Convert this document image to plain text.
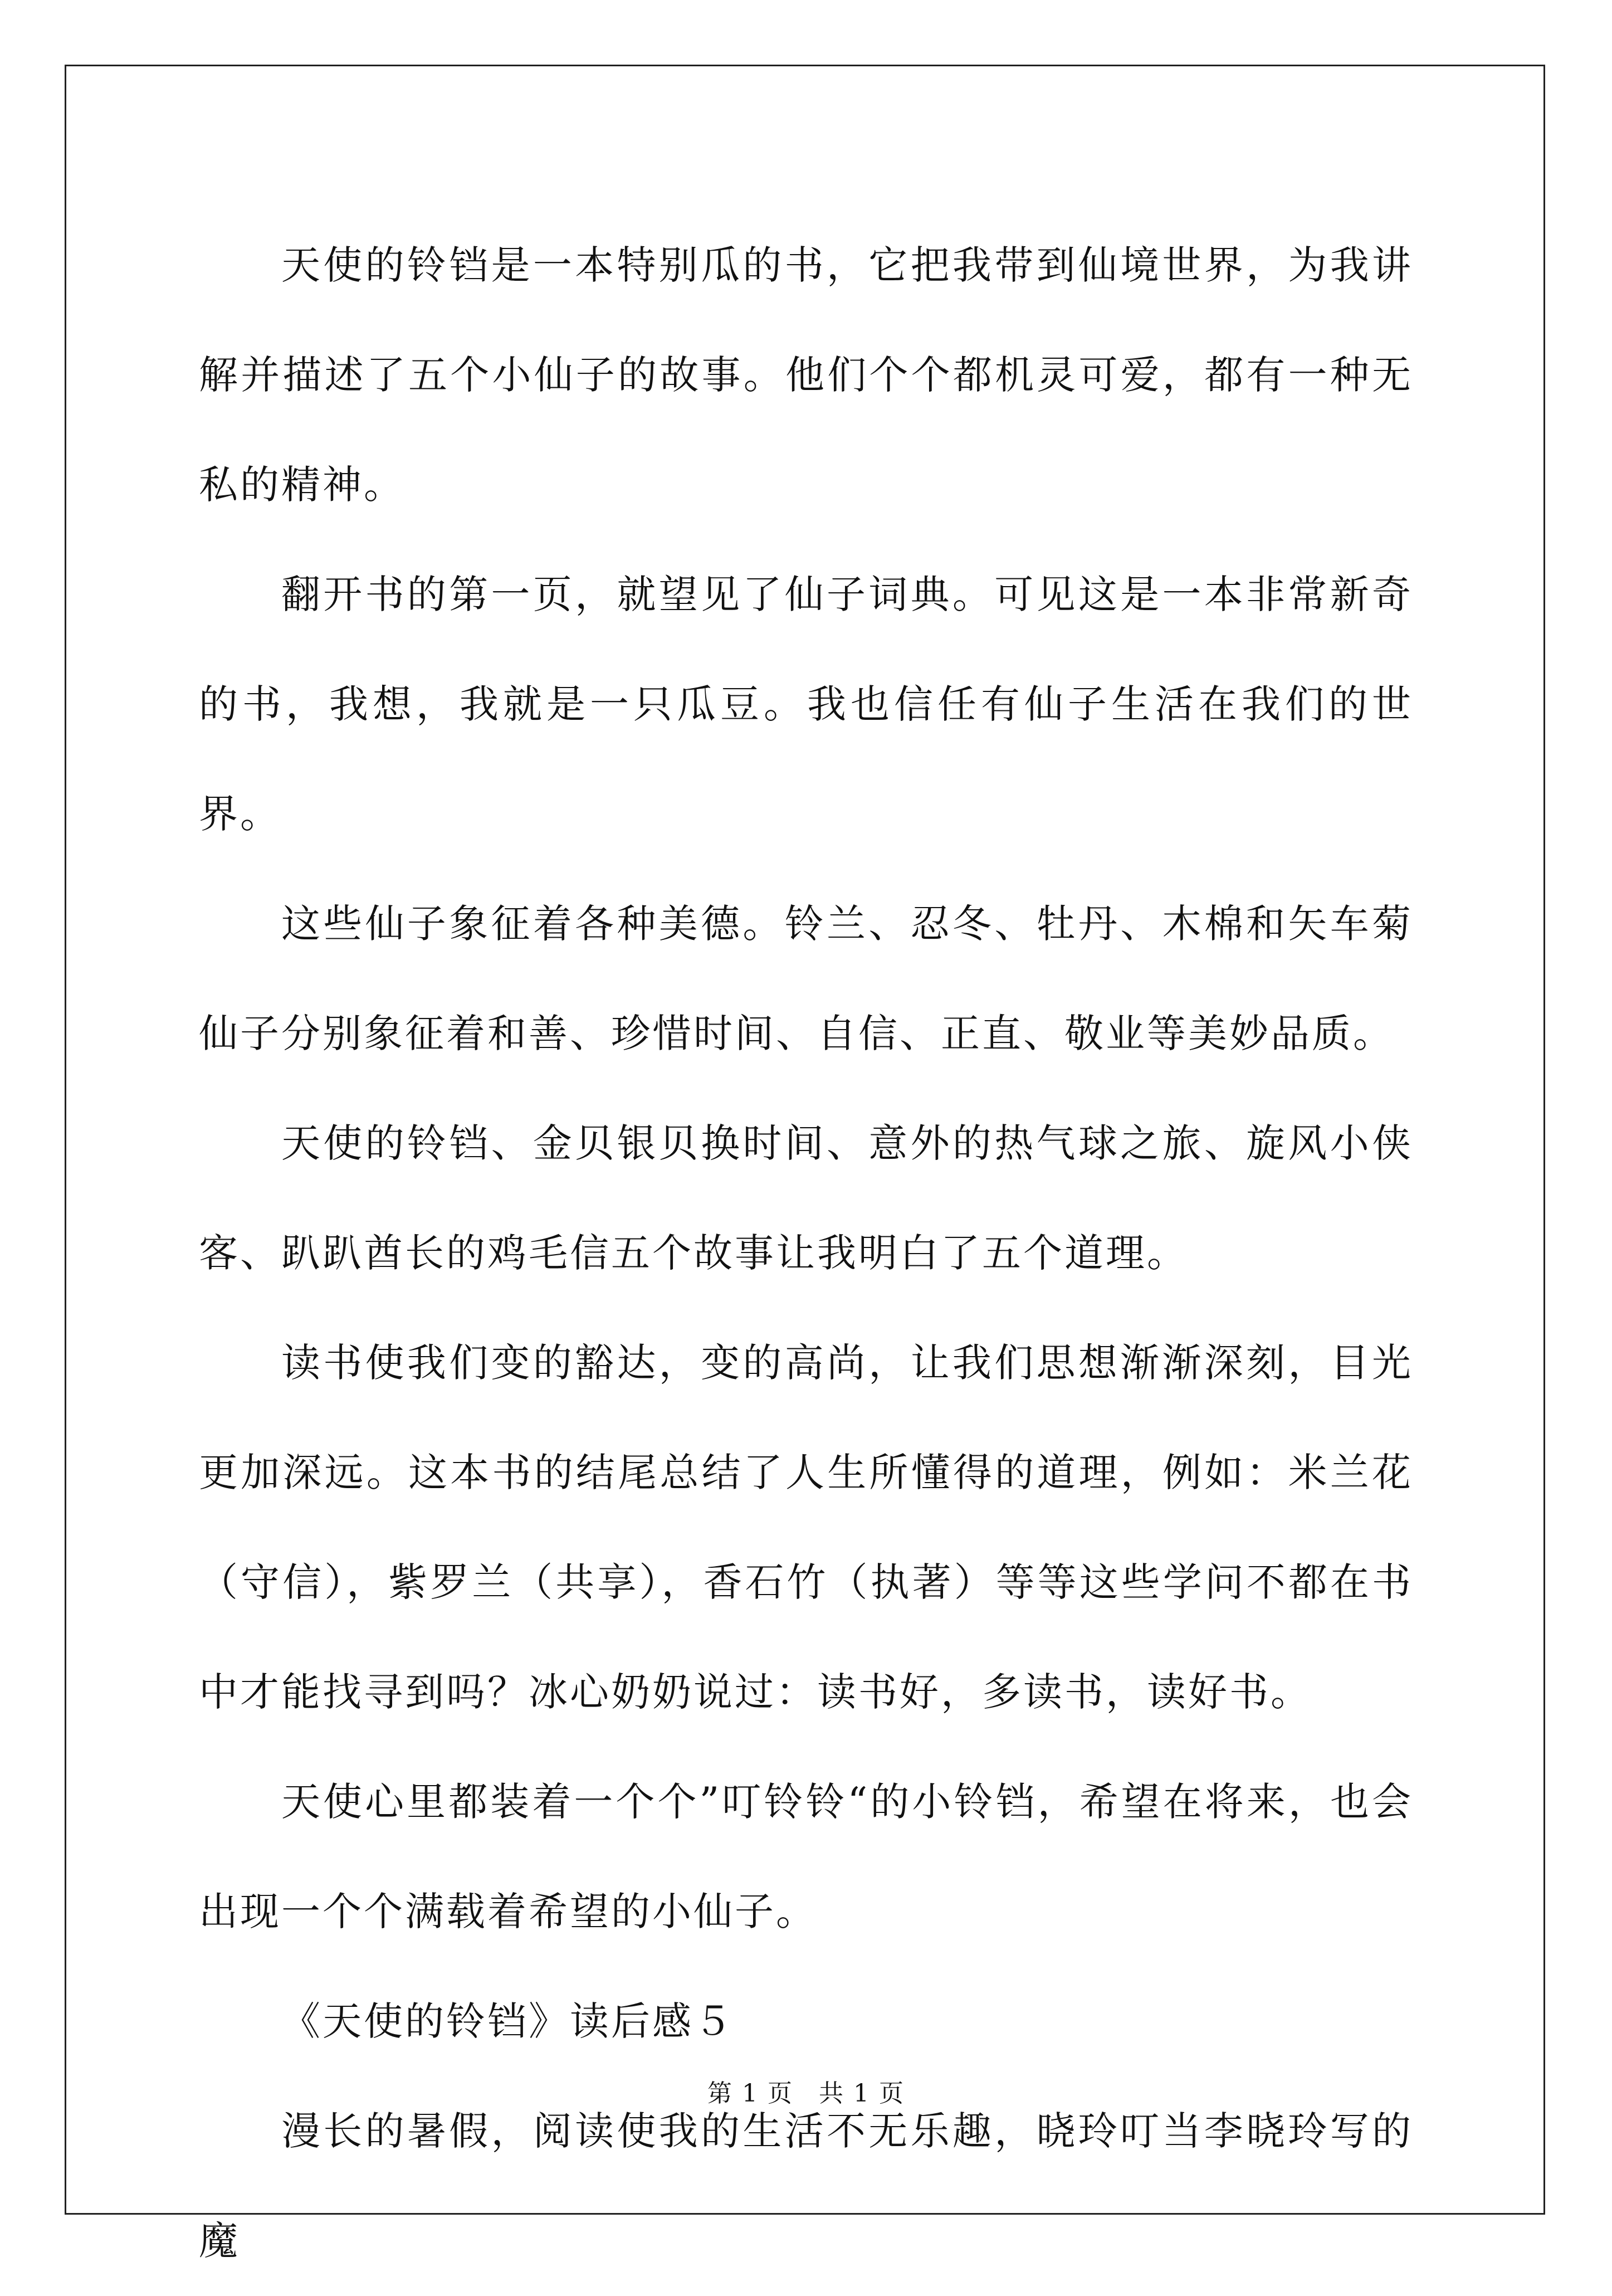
天使的铃铛是一本特别瓜的书，它把我带到仙境世界，为我讲解并描述了五个小仙子的故事。他们个个都机灵可爱，都有一种无私的精神。

翻开书的第一页，就望见了仙子词典。可见这是一本非常新奇的书，我想，我就是一只瓜豆。我也信任有仙子生活在我们的世界。

这些仙子象征着各种美德。铃兰、忍冬、牡丹、木棉和矢车菊仙子分别象征着和善、珍惜时间、自信、正直、敬业等美妙品质。

天使的铃铛、金贝银贝换时间、意外的热气球之旅、旋风小侠客、趴趴酋长的鸡毛信五个故事让我明白了五个道理。

读书使我们变的豁达，变的高尚，让我们思想渐渐深刻，目光更加深远。这本书的结尾总结了人生所懂得的道理，例如：米兰花（守信），紫罗兰（共享），香石竹（执著）等等这些学问不都在书中才能找寻到吗？冰心奶奶说过：读书好，多读书，读好书。

天使心里都装着一个个”叮铃铃“的小铃铛，希望在将来，也会出现一个个满载着希望的小仙子。

《天使的铃铛》读后感５

漫长的暑假，阅读使我的生活不无乐趣，晓玲叮当李晓玲写的魔

第 1 页　共 1 页
